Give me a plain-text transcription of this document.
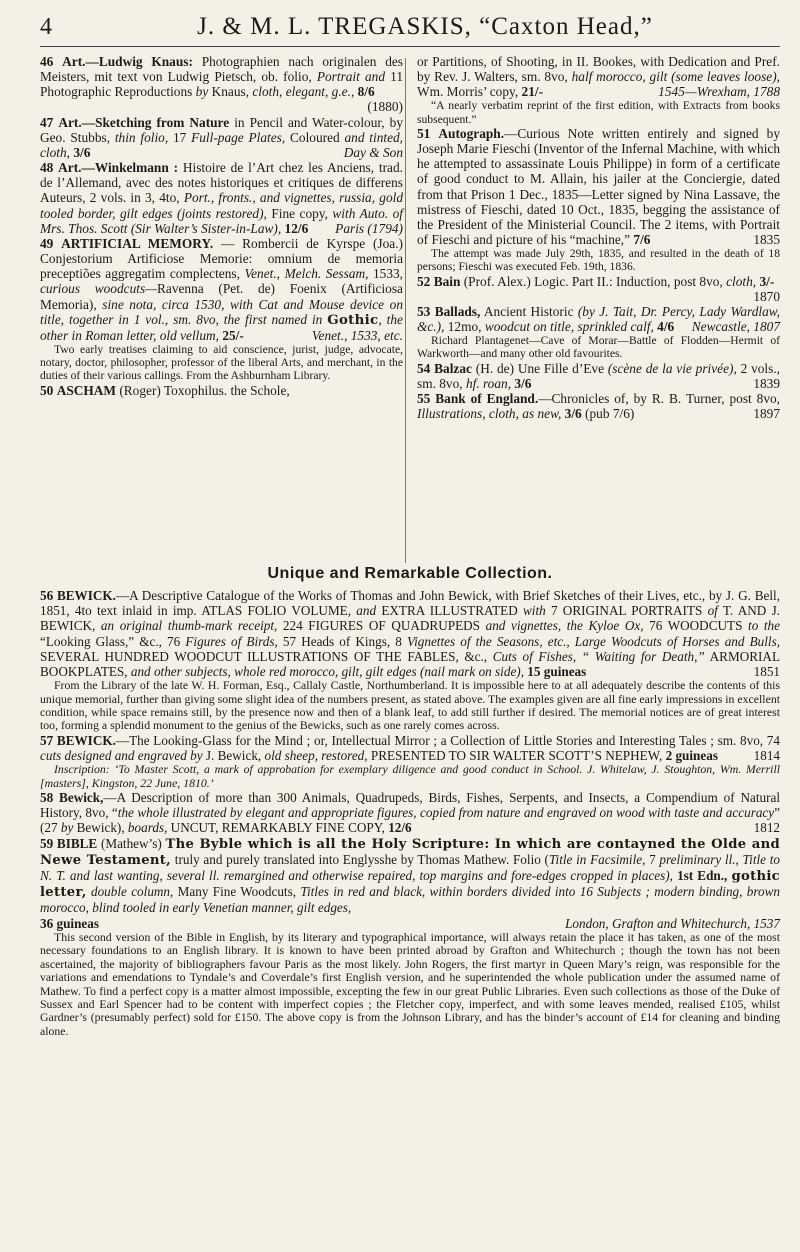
4	J. & M. L. TREGASKIS, “Caxton Head,”
46 Art.—Ludwig Knaus: Photographien nach originalen des Meisters, mit text von Ludwig Pietsch, ob. folio, Portrait and 11 Photographic Reproductions by Knaus, cloth, elegant, g.e., 8/6
(1880)
47 Art.—Sketching from Nature in Pencil and Water-colour, by Geo. Stubbs, thin folio, 17 Full-page Plates, Coloured and tinted, cloth, 3/6	Day & Son
48 Art.—Winkelmann : Histoire de l’Art chez les Anciens, trad. de l’Allemand, avec des notes historiques et critiques de differens Auteurs, 2 vols. in 3, 4to, Port., fronts., and vignettes, russia, gold tooled border, gilt edges (joints restored), Fine copy, with Auto. of Mrs. Thos. Scott (Sir Walter’s Sister-in-Law), 12/6 Paris (1794)
49 ARTIFICIAL MEMORY. — Rombercii de Kyrspe (Joa.) Conjestorium Artificiose Memorie: omnium de memoria preceptiões aggregatim complectens, Venet., Melch. Sessam, 1533, curious woodcuts—Ravenna (Pet. de) Foenix (Artificiosa Memoria), sine nota, circa 1530, with Cat and Mouse device on title, together in 1 vol., sm. 8vo, the first named in Gothic, the other in Roman letter, old vellum, 25/-	Venet., 1533, etc.

Two early treatises claiming to aid conscience, jurist, judge, advocate, notary, doctor, philosopher, professor of the liberal Arts, and merchant, in the duties of their various callings. From the Ashburnham Library.

50 ASCHAM (Roger) Toxophilus. the Schole,
or Partitions, of Shooting, in II. Bookes, with Dedication and Pref. by Rev. J. Walters, sm. 8vo, half morocco, gilt (some leaves loose), Wm. Morris’ copy, 21/-	1545—Wrexham, 1788

“A nearly verbatim reprint of the first edition, with Extracts from books subsequent.”

51 Autograph.—Curious Note written entirely and signed by Joseph Marie Fieschi (Inventor of the Infernal Machine, with which he attempted to assassinate Louis Philippe) in form of a certificate of good conduct to M. Allain, his jailer at the Conciergie, dated from that Prison 1 Dec., 1835—Letter signed by Nina Lassave, the mistress of Fieschi, dated 10 Oct., 1835, begging the assistance of the President of the Ministerial Council. The 2 items, with Portrait of Fieschi and picture of his “machine,” 7/6	1835

The attempt was made July 29th, 1835, and resulted in the death of 18 persons; Fieschi was executed Feb. 19th, 1836.

52 Bain (Prof. Alex.) Logic. Part II.: Induction, post 8vo, cloth, 3/-
1870
53 Ballads, Ancient Historic (by J. Tait, Dr. Percy, Lady Wardlaw, &c.), 12mo, woodcut on title, sprinkled calf, 4/6 Newcastle, 1807

Richard Plantagenet—Cave of Morar—Battle of Flodden—Hermit of Warkworth—and many other old favourites.

54 Balzac (H. de) Une Fille d’Eve (scène de la vie privée), 2 vols., sm. 8vo, hf. roan, 3/6	1839
55 Bank of England.—Chronicles of, by R. B. Turner, post 8vo, Illustrations, cloth, as new, 3/6 (pub 7/6)	1897
Unique and Remarkable Collection.
56 BEWICK.—A Descriptive Catalogue of the Works of Thomas and John Bewick, with Brief Sketches of their Lives, etc., by J. G. Bell, 1851, 4to text inlaid in imp. ATLAS FOLIO VOLUME, and EXTRA ILLUSTRATED with 7 ORIGINAL PORTRAITS of T. AND J. BEWICK, an original thumb-mark receipt, 224 FIGURES OF QUADRUPEDS and vignettes, the Kyloe Ox, 76 WOODCUTS to the “Looking Glass,” &c., 76 Figures of Birds, 57 Heads of Kings, 8 Vignettes of the Seasons, etc., Large Woodcuts of Horses and Bulls, SEVERAL HUNDRED WOODCUT ILLUSTRATIONS OF THE FABLES, &c., Cuts of Fishes, “ Waiting for Death,” ARMORIAL BOOKPLATES, and other subjects, whole red morocco, gilt, gilt edges (nail mark on side), 15 guineas	1851

From the Library of the late W. H. Forman, Esq., Callaly Castle, Northumberland. It is impossible here to at all adequately describe the contents of this unique memorial, further than giving some slight idea of the numbers present, as stated above. The examples given are all fine early impressions in excellent condition, while space remains still, by the presence now and then of a blank leaf, to add still further if desired. The memorial notices are of great interest too, forming a splendid monument to the genius of the Bewicks, such as one rarely comes across.

57 BEWICK.—The Looking-Glass for the Mind ; or, Intellectual Mirror ; a Collection of Little Stories and Interesting Tales ; sm. 8vo, 74 cuts designed and engraved by J. Bewick, old sheep, restored, PRESENTED TO SIR WALTER SCOTT’S NEPHEW, 2 guineas	1814

Inscription: ‘To Master Scott, a mark of approbation for exemplary diligence and good conduct in School. J. Whitelaw, J. Stoughton, Wm. Merrill [masters], Kingston, 22 June, 1810.’

58 Bewick,—A Description of more than 300 Animals, Quadrupeds, Birds, Fishes, Serpents, and Insects, a Compendium of Natural History, 8vo, “the whole illustrated by elegant and appropriate figures, copied from nature and engraved on wood with taste and accuracy” (27 by Bewick), boards, UNCUT, REMARKABLY FINE COPY, 12/6	1812
59 BIBLE (Mathew’s) The Byble which is all the Holy Scripture: In which are contayned the Olde and Newe Testament, truly and purely translated into Englysshe by Thomas Mathew. Folio (Title in Facsimile, 7 preliminary ll., Title to N. T. and last wanting, several ll. remargined and otherwise repaired, top margins and fore-edges cropped in places), 1st Edn., gothic letter, double column, Many Fine Woodcuts, Titles in red and black, within borders divided into 16 Subjects ; modern binding, brown morocco, blind tooled in early Venetian manner, gilt edges,
36 guineas	London, Grafton and Whitechurch, 1537

This second version of the Bible in English, by its literary and typographical importance, will always retain the place it has taken, as one of the most necessary foundations to an English library. It is known to have been printed abroad by Grafton and Whitechurch ; though the town has not been ascertained, the majority of bibliographers favour Paris as the most likely. John Rogers, the first martyr in Queen Mary’s reign, was responsible for the variations and emendations to Tyndale’s and Coverdale’s first English version, and he superintended the whole publication under the assumed name of Mathew. To find a perfect copy is a matter almost impossible, excepting the few in our great Public Libraries. Even such collections as those of the Duke of Sussex and Earl Spencer had to be content with imperfect copies ; the Fletcher copy, imperfect, and with some leaves mended, realised £105, whilst Gardner’s (presumably perfect) sold for £150. The above copy is from the Johnson Library, and has the binder’s account of £14 for cleaning and binding alone.
